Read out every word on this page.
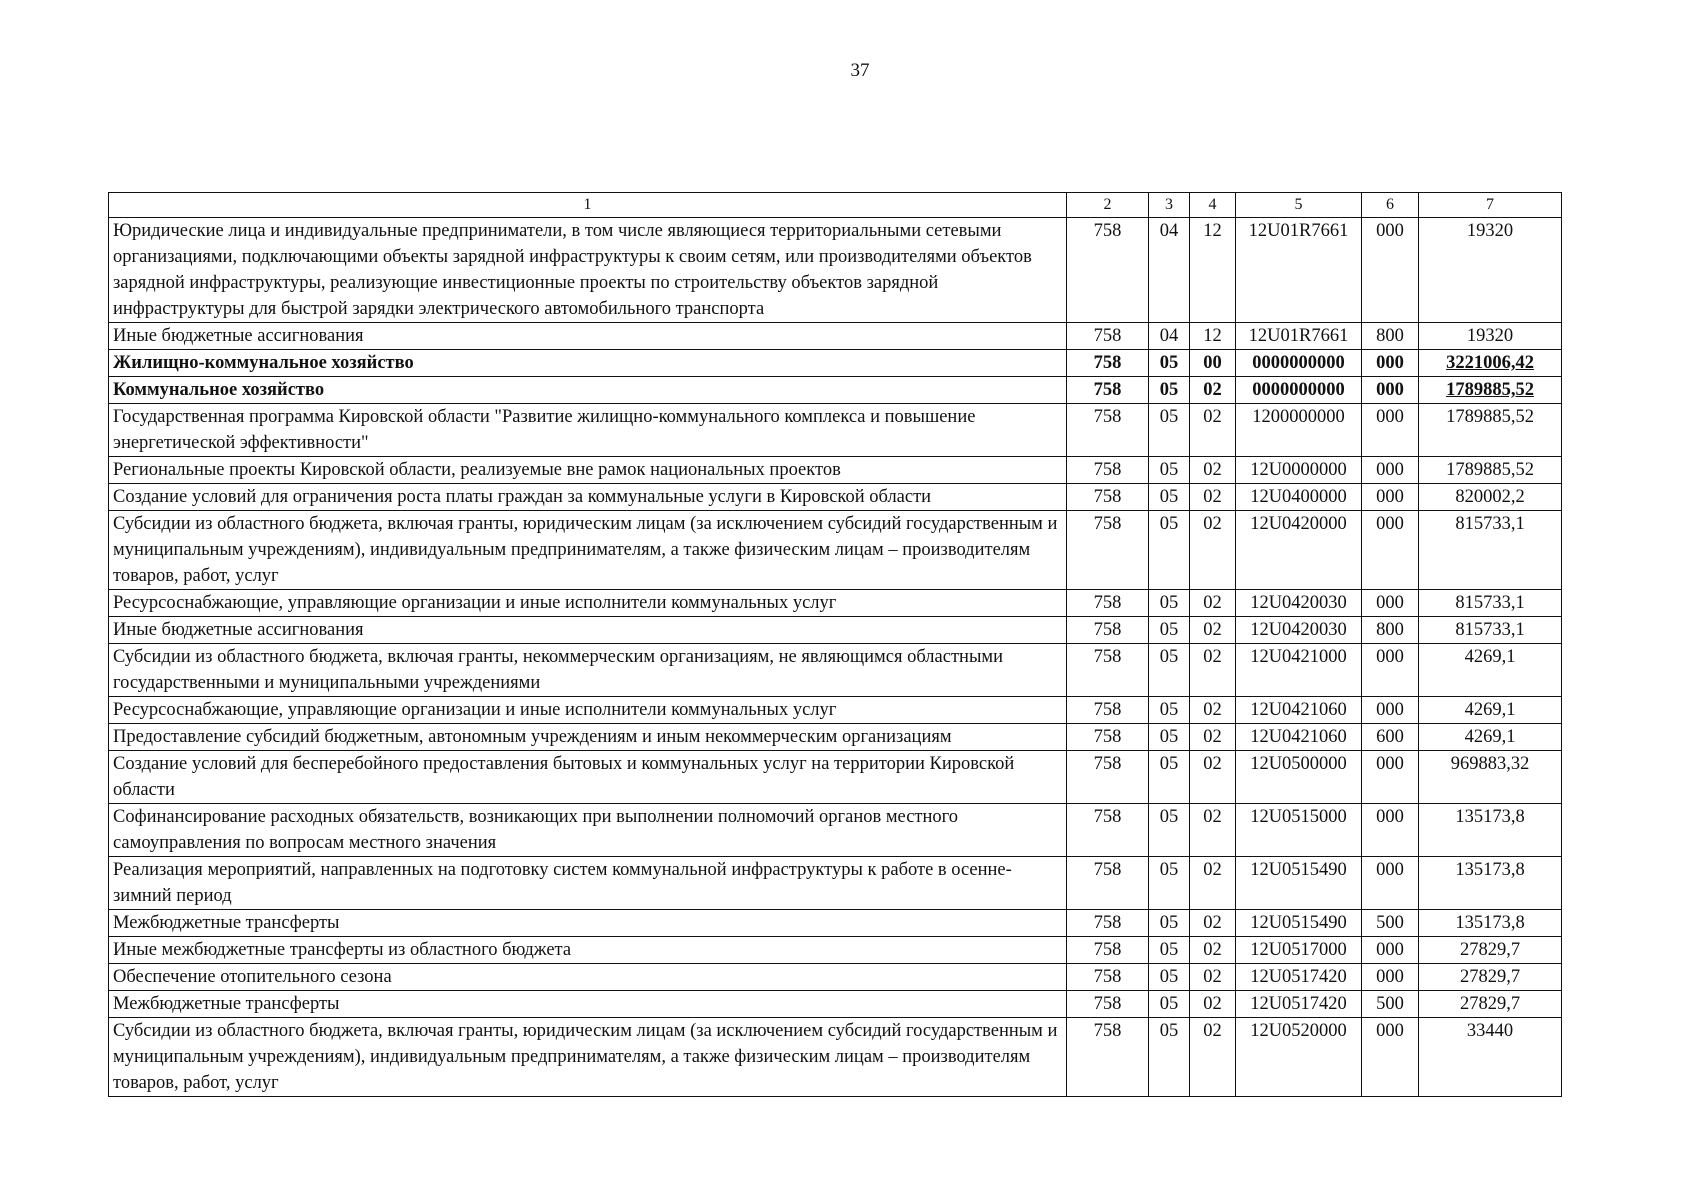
37
1	2	3	4	5	6	7
Юридические лица и индивидуальные предприниматели, в том числе являющиеся территориальными сетевыми организациями, подключающими объекты зарядной инфраструктуры к своим сетям, или производителями объектов зарядной инфраструктуры, реализующие инвестиционные проекты по строительству объектов зарядной инфраструктуры для быстрой зарядки электрического автомобильного транспорта	758	04	12	12U01R7661	000	19320
Иные бюджетные ассигнования	758	04	12	12U01R7661	800	19320
Жилищно-коммунальное хозяйство	758	05	00	0000000000	000	3221006,42
Коммунальное хозяйство	758	05	02	0000000000	000	1789885,52
Государственная программа Кировской области "Развитие жилищно-коммунального комплекса и повышение энергетической эффективности"	758	05	02	1200000000	000	1789885,52
Региональные проекты Кировской области, реализуемые вне рамок национальных проектов	758	05	02	12U0000000	000	1789885,52
Создание условий для ограничения роста платы граждан за коммунальные услуги в Кировской области	758	05	02	12U0400000	000	820002,2
Субсидии из областного бюджета, включая гранты, юридическим лицам (за исключением субсидий государственным и муниципальным учреждениям), индивидуальным предпринимателям, а также физическим лицам – производителям товаров, работ, услуг	758	05	02	12U0420000	000	815733,1
Ресурсоснабжающие, управляющие организации и иные исполнители коммунальных услуг	758	05	02	12U0420030	000	815733,1
Иные бюджетные ассигнования	758	05	02	12U0420030	800	815733,1
Субсидии из областного бюджета, включая гранты, некоммерческим организациям, не являющимся областными государственными и муниципальными учреждениями	758	05	02	12U0421000	000	4269,1
Ресурсоснабжающие, управляющие организации и иные исполнители коммунальных услуг	758	05	02	12U0421060	000	4269,1
Предоставление субсидий бюджетным, автономным учреждениям и иным некоммерческим организациям	758	05	02	12U0421060	600	4269,1
Создание условий для бесперебойного предоставления бытовых и коммунальных услуг на территории Кировской области	758	05	02	12U0500000	000	969883,32
Софинансирование расходных обязательств, возникающих при выполнении полномочий органов местного самоуправления по вопросам местного значения	758	05	02	12U0515000	000	135173,8
Реализация мероприятий, направленных на подготовку систем коммунальной инфраструктуры к работе в осенне-зимний период	758	05	02	12U0515490	000	135173,8
Межбюджетные трансферты	758	05	02	12U0515490	500	135173,8
Иные межбюджетные трансферты из областного бюджета	758	05	02	12U0517000	000	27829,7
Обеспечение отопительного сезона	758	05	02	12U0517420	000	27829,7
Межбюджетные трансферты	758	05	02	12U0517420	500	27829,7
Субсидии из областного бюджета, включая гранты, юридическим лицам (за исключением субсидий государственным и муниципальным учреждениям), индивидуальным предпринимателям, а также физическим лицам – производителям товаров, работ, услуг	758	05	02	12U0520000	000	33440
